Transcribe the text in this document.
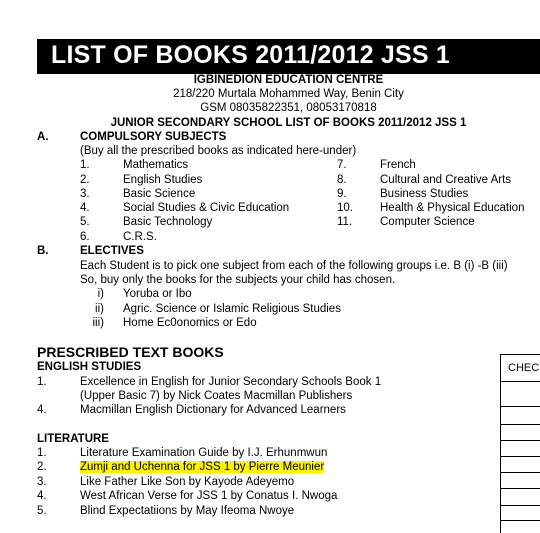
LIST OF BOOKS 2011/2012 JSS 1
IGBINEDION EDUCATION CENTRE
218/220 Murtala Mohammed Way, Benin City
GSM 08035822351, 08053170818
JUNIOR SECONDARY SCHOOL LIST OF BOOKS 2011/2012 JSS 1
A.	COMPULSORY SUBJECTS
(Buy all the prescribed books as indicated here-under)
1.	Mathematics
2.	English Studies
3.	Basic Science
4.	Social Studies & Civic Education
5.	Basic Technology
6.	C.R.S.
7.	French
8.	Cultural and Creative Arts
9.	Business Studies
10. Health & Physical Education
11. Computer Science
B.	ELECTIVES
Each Student is to pick one subject from each of the following groups i.e. B (i) -B (iii)
So, buy only the books for the subjects your child has chosen.
i) Yoruba or Ibo
ii) Agric. Science or Islamic Religious Studies
iii) Home Ec0onomics or Edo
PRESCRIBED TEXT BOOKS
ENGLISH STUDIES
1.	Excellence in English for Junior Secondary Schools Book 1
(Upper Basic 7) by Nick Coates Macmillan Publishers
4.	Macmillan English Dictionary for Advanced Learners
LITERATURE
1.	Literature Examination Guide by I.J. Erhunmwun
2.	Zumji and Uchenna for JSS 1 by Pierre Meunier
3.	Like Father Like Son by Kayode Adeyemo
4.	West African Verse for JSS 1 by Conatus I. Nwoga
5.	Blind Expectatiions by May Ifeoma Nwoye
CHEC
